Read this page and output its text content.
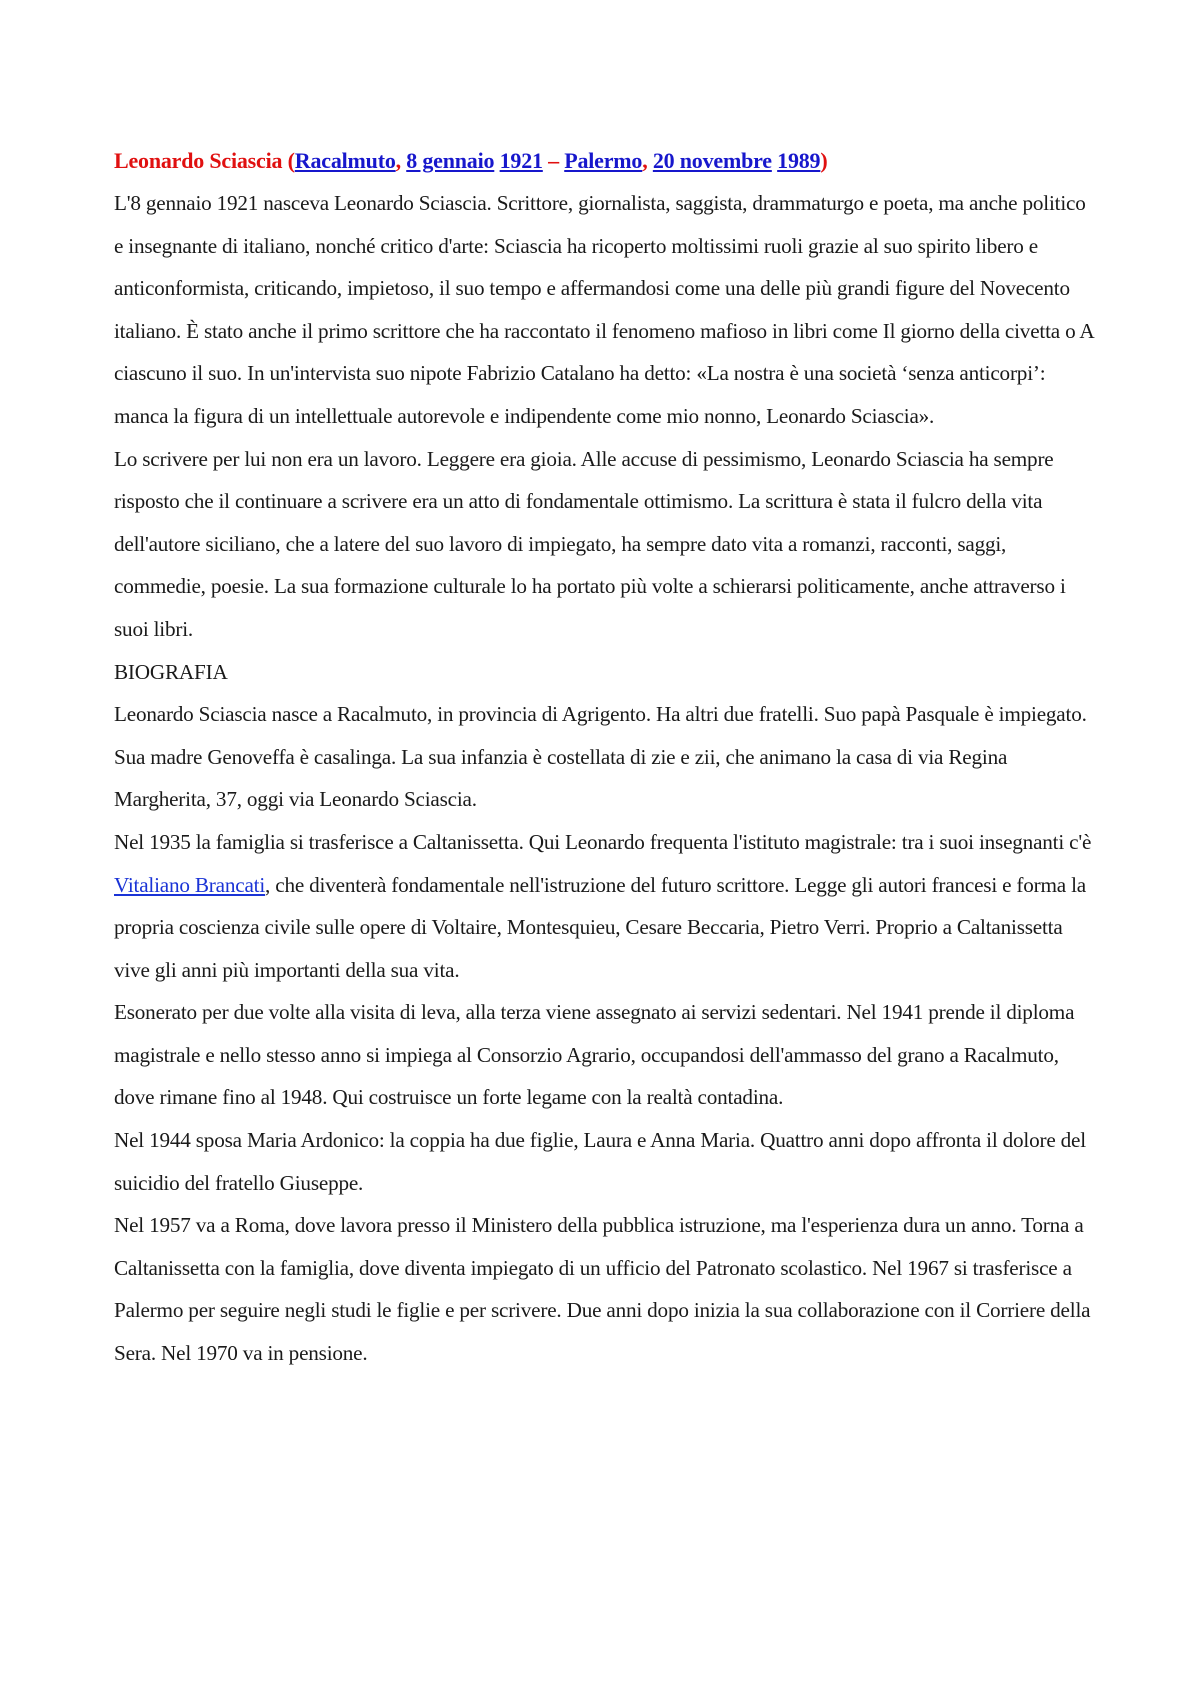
Leonardo Sciascia (Racalmuto, 8 gennaio 1921 – Palermo, 20 novembre 1989)

L'8 gennaio 1921 nasceva Leonardo Sciascia. Scrittore, giornalista, saggista, drammaturgo e poeta, ma anche politico e insegnante di italiano, nonché critico d'arte: Sciascia ha ricoperto moltissimi ruoli grazie al suo spirito libero e anticonformista, criticando, impietoso, il suo tempo e affermandosi come una delle più grandi figure del Novecento italiano. È stato anche il primo scrittore che ha raccontato il fenomeno mafioso in libri come Il giorno della civetta o A ciascuno il suo. In un'intervista suo nipote Fabrizio Catalano ha detto: «La nostra è una società ‘senza anticorpi’: manca la figura di un intellettuale autorevole e indipendente come mio nonno, Leonardo Sciascia».

Lo scrivere per lui non era un lavoro. Leggere era gioia. Alle accuse di pessimismo, Leonardo Sciascia ha sempre risposto che il continuare a scrivere era un atto di fondamentale ottimismo. La scrittura è stata il fulcro della vita dell'autore siciliano, che a latere del suo lavoro di impiegato, ha sempre dato vita a romanzi, racconti, saggi, commedie, poesie. La sua formazione culturale lo ha portato più volte a schierarsi politicamente, anche attraverso i suoi libri.

BIOGRAFIA

Leonardo Sciascia nasce a Racalmuto, in provincia di Agrigento. Ha altri due fratelli. Suo papà Pasquale è impiegato. Sua madre Genoveffa è casalinga. La sua infanzia è costellata di zie e zii, che animano la casa di via Regina Margherita, 37, oggi via Leonardo Sciascia.

Nel 1935 la famiglia si trasferisce a Caltanissetta. Qui Leonardo frequenta l'istituto magistrale: tra i suoi insegnanti c'è Vitaliano Brancati, che diventerà fondamentale nell'istruzione del futuro scrittore. Legge gli autori francesi e forma la propria coscienza civile sulle opere di Voltaire, Montesquieu, Cesare Beccaria, Pietro Verri. Proprio a Caltanissetta vive gli anni più importanti della sua vita.

Esonerato per due volte alla visita di leva, alla terza viene assegnato ai servizi sedentari. Nel 1941 prende il diploma magistrale e nello stesso anno si impiega al Consorzio Agrario, occupandosi dell'ammasso del grano a Racalmuto, dove rimane fino al 1948. Qui costruisce un forte legame con la realtà contadina.

Nel 1944 sposa Maria Ardonico: la coppia ha due figlie, Laura e Anna Maria. Quattro anni dopo affronta il dolore del suicidio del fratello Giuseppe.

Nel 1957 va a Roma, dove lavora presso il Ministero della pubblica istruzione, ma l'esperienza dura un anno. Torna a Caltanissetta con la famiglia, dove diventa impiegato di un ufficio del Patronato scolastico. Nel 1967 si trasferisce a Palermo per seguire negli studi le figlie e per scrivere. Due anni dopo inizia la sua collaborazione con il Corriere della Sera. Nel 1970 va in pensione.
